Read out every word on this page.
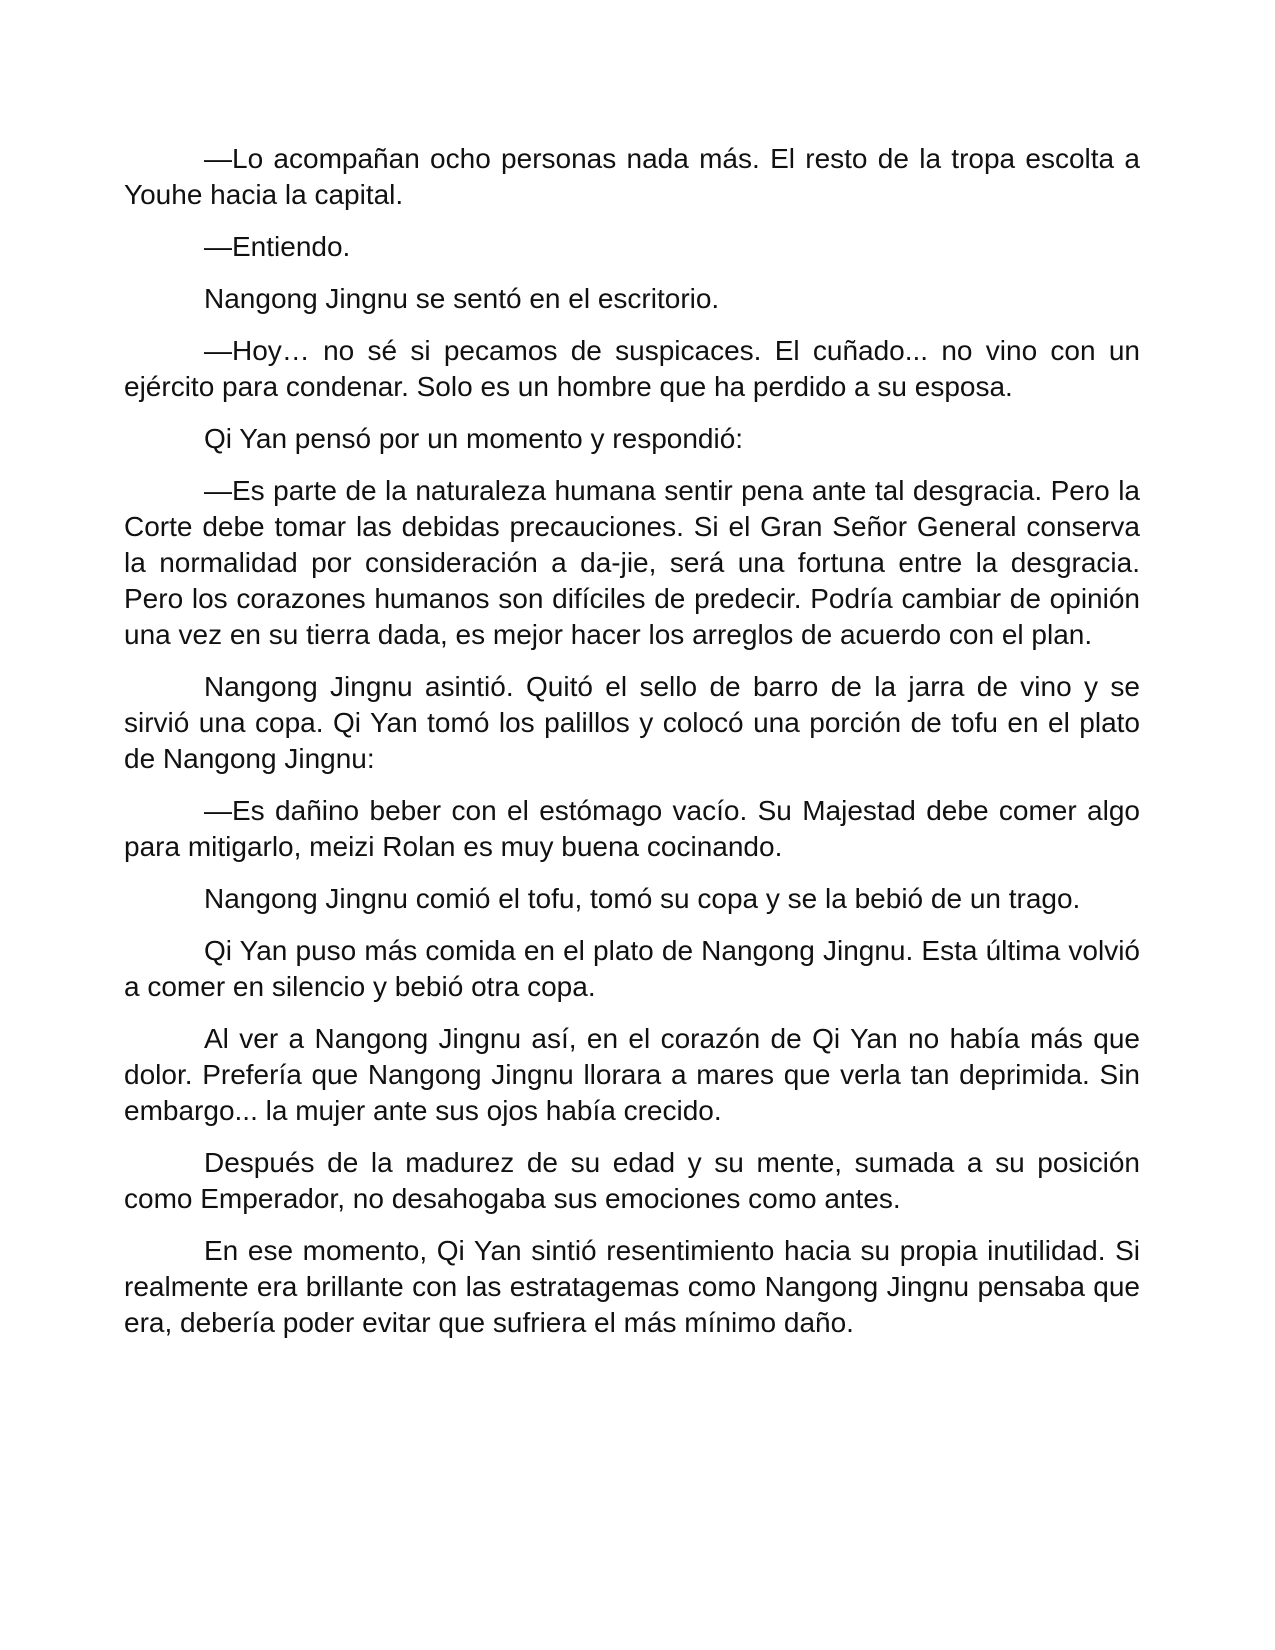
—Lo acompañan ocho personas nada más. El resto de la tropa escolta a Youhe hacia la capital.

—Entiendo.

Nangong Jingnu se sentó en el escritorio.

—Hoy… no sé si pecamos de suspicaces. El cuñado... no vino con un ejército para condenar. Solo es un hombre que ha perdido a su esposa.

Qi Yan pensó por un momento y respondió:

—Es parte de la naturaleza humana sentir pena ante tal desgracia. Pero la Corte debe tomar las debidas precauciones. Si el Gran Señor General conserva la normalidad por consideración a da-jie, será una fortuna entre la desgracia. Pero los corazones humanos son difíciles de predecir. Podría cambiar de opinión una vez en su tierra dada, es mejor hacer los arreglos de acuerdo con el plan.

Nangong Jingnu asintió. Quitó el sello de barro de la jarra de vino y se sirvió una copa. Qi Yan tomó los palillos y colocó una porción de tofu en el plato de Nangong Jingnu:

—Es dañino beber con el estómago vacío. Su Majestad debe comer algo para mitigarlo, meizi Rolan es muy buena cocinando.

Nangong Jingnu comió el tofu, tomó su copa y se la bebió de un trago.

Qi Yan puso más comida en el plato de Nangong Jingnu. Esta última volvió a comer en silencio y bebió otra copa.

Al ver a Nangong Jingnu así, en el corazón de Qi Yan no había más que dolor. Prefería que Nangong Jingnu llorara a mares que verla tan deprimida. Sin embargo... la mujer ante sus ojos había crecido.

Después de la madurez de su edad y su mente, sumada a su posición como Emperador, no desahogaba sus emociones como antes.

En ese momento, Qi Yan sintió resentimiento hacia su propia inutilidad. Si realmente era brillante con las estratagemas como Nangong Jingnu pensaba que era, debería poder evitar que sufriera el más mínimo daño.
